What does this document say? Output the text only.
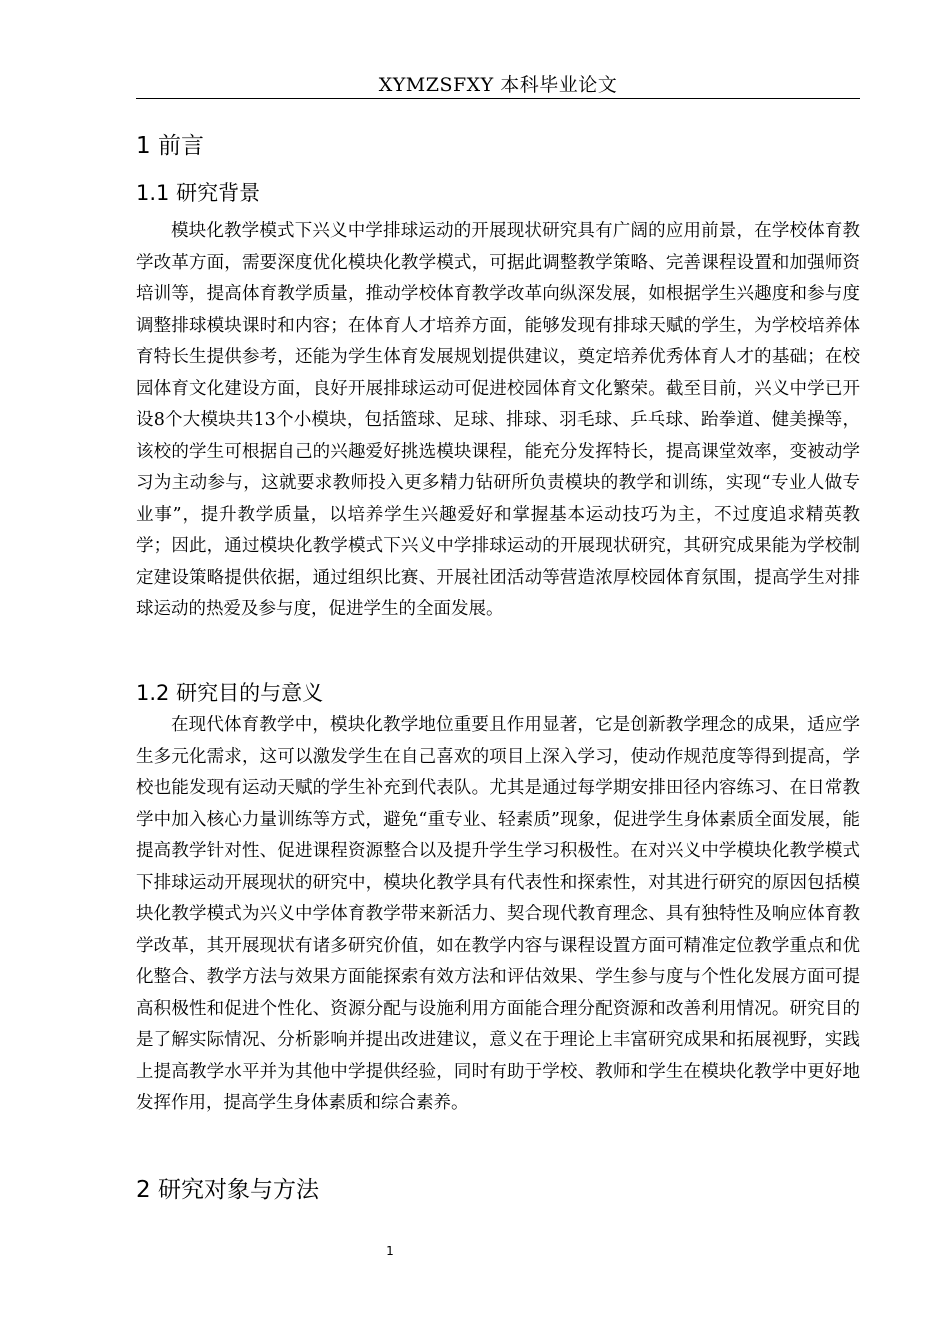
XYMZSFXY 本科毕业论文
1 前言
1.1 研究背景

模块化教学模式下兴义中学排球运动的开展现状研究具有广阔的应用前景，在学校体育教学改革方面，需要深度优化模块化教学模式，可据此调整教学策略、完善课程设置和加强师资培训等，提高体育教学质量，推动学校体育教学改革向纵深发展，如根据学生兴趣度和参与度调整排球模块课时和内容；在体育人才培养方面，能够发现有排球天赋的学生，为学校培养体育特长生提供参考，还能为学生体育发展规划提供建议，奠定培养优秀体育人才的基础；在校园体育文化建设方面，良好开展排球运动可促进校园体育文化繁荣。截至目前，兴义中学已开设8个大模块共13个小模块，包括篮球、足球、排球、羽毛球、乒乓球、跆拳道、健美操等，该校的学生可根据自己的兴趣爱好挑选模块课程，能充分发挥特长，提高课堂效率，变被动学习为主动参与，这就要求教师投入更多精力钻研所负责模块的教学和训练，实现“专业人做专业事”，提升教学质量，以培养学生兴趣爱好和掌握基本运动技巧为主，不过度追求精英教学；因此，通过模块化教学模式下兴义中学排球运动的开展现状研究，其研究成果能为学校制定建设策略提供依据，通过组织比赛、开展社团活动等营造浓厚校园体育氛围，提高学生对排球运动的热爱及参与度，促进学生的全面发展。

1.2 研究目的与意义

在现代体育教学中，模块化教学地位重要且作用显著，它是创新教学理念的成果，适应学生多元化需求，这可以激发学生在自己喜欢的项目上深入学习，使动作规范度等得到提高，学校也能发现有运动天赋的学生补充到代表队。尤其是通过每学期安排田径内容练习、在日常教学中加入核心力量训练等方式，避免“重专业、轻素质”现象，促进学生身体素质全面发展，能提高教学针对性、促进课程资源整合以及提升学生学习积极性。在对兴义中学模块化教学模式下排球运动开展现状的研究中，模块化教学具有代表性和探索性，对其进行研究的原因包括模块化教学模式为兴义中学体育教学带来新活力、契合现代教育理念、具有独特性及响应体育教学改革，其开展现状有诸多研究价值，如在教学内容与课程设置方面可精准定位教学重点和优化整合、教学方法与效果方面能探索有效方法和评估效果、学生参与度与个性化发展方面可提高积极性和促进个性化、资源分配与设施利用方面能合理分配资源和改善利用情况。研究目的是了解实际情况、分析影响并提出改进建议，意义在于理论上丰富研究成果和拓展视野，实践上提高教学水平并为其他中学提供经验，同时有助于学校、教师和学生在模块化教学中更好地发挥作用，提高学生身体素质和综合素养。

2 研究对象与方法
1
